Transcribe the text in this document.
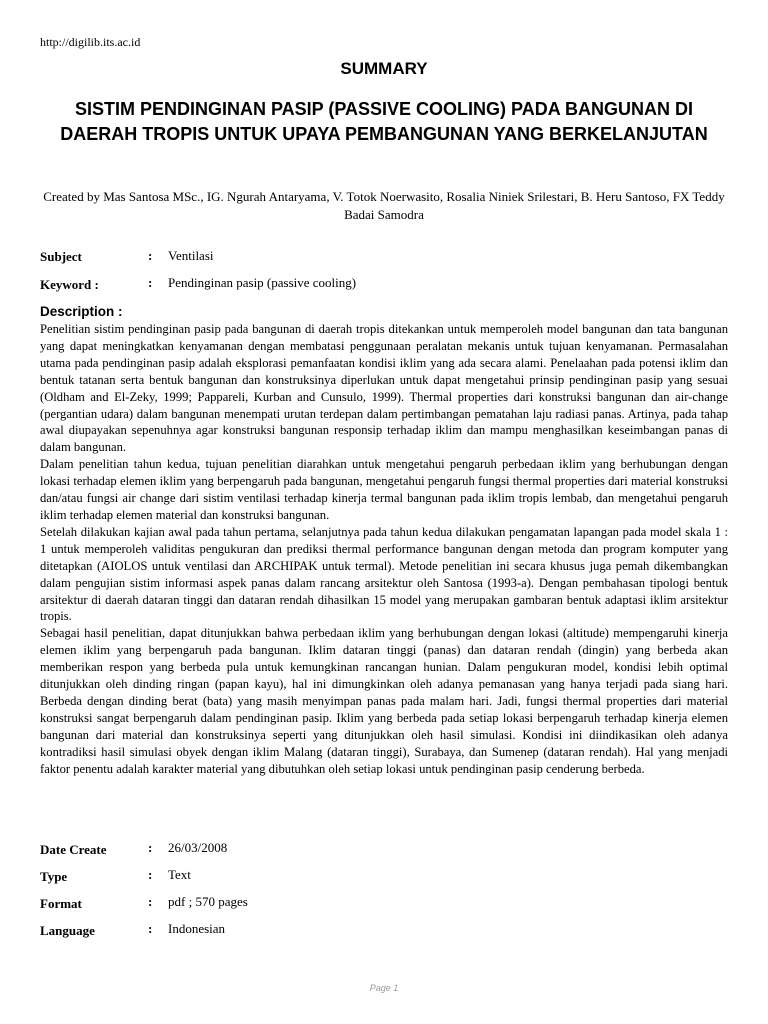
http://digilib.its.ac.id
SUMMARY
SISTIM PENDINGINAN PASIP (PASSIVE COOLING) PADA BANGUNAN DI DAERAH TROPIS UNTUK UPAYA PEMBANGUNAN YANG BERKELANJUTAN
Created by Mas Santosa MSc., IG. Ngurah Antaryama, V. Totok Noerwasito, Rosalia Niniek Srilestari, B. Heru Santoso, FX Teddy Badai Samodra
Subject	: Ventilasi
Keyword :	: Pendinginan pasip (passive cooling)
Description :

Penelitian sistim pendinginan pasip pada bangunan di daerah tropis ditekankan untuk memperoleh model bangunan dan tata bangunan yang dapat meningkatkan kenyamanan dengan membatasi penggunaan peralatan mekanis untuk tujuan kenyamanan. Permasalahan utama pada pendinginan pasip adalah eksplorasi pemanfaatan kondisi iklim yang ada secara alami. Penelaahan pada potensi iklim dan bentuk tatanan serta bentuk bangunan dan konstruksinya diperlukan untuk dapat mengetahui prinsip pendinginan pasip yang sesuai (Oldham and El-Zeky, 1999; Pappareli, Kurban and Cunsulo, 1999). Thermal properties dari konstruksi bangunan dan air-change (pergantian udara) dalam bangunan menempati urutan terdepan dalam pertimbangan pematahan laju radiasi panas. Artinya, pada tahap awal diupayakan sepenuhnya agar konstruksi bangunan responsip terhadap iklim dan mampu menghasilkan keseimbangan panas di dalam bangunan.

Dalam penelitian tahun kedua, tujuan penelitian diarahkan untuk mengetahui pengaruh perbedaan iklim yang berhubungan dengan lokasi terhadap elemen iklim yang berpengaruh pada bangunan, mengetahui pengaruh fungsi thermal properties dari material konstruksi dan/atau fungsi air change dari sistim ventilasi terhadap kinerja termal bangunan pada iklim tropis lembab, dan mengetahui pengaruh iklim terhadap elemen material dan konstruksi bangunan.

Setelah dilakukan kajian awal pada tahun pertama, selanjutnya pada tahun kedua dilakukan pengamatan lapangan pada model skala 1 : 1 untuk memperoleh validitas pengukuran dan prediksi thermal performance bangunan dengan metoda dan program komputer yang ditetapkan (AIOLOS untuk ventilasi dan ARCHIPAK untuk termal). Metode penelitian ini secara khusus juga pemah dikembangkan dalam pengujian sistim informasi aspek panas dalam rancang arsitektur oleh Santosa (1993-a). Dengan pembahasan tipologi bentuk arsitektur di daerah dataran tinggi dan dataran rendah dihasilkan 15 model yang merupakan gambaran bentuk adaptasi iklim arsitektur tropis.

Sebagai hasil penelitian, dapat ditunjukkan bahwa perbedaan iklim yang berhubungan dengan lokasi (altitude) mempengaruhi kinerja elemen iklim yang berpengaruh pada bangunan. Iklim dataran tinggi (panas) dan dataran rendah (dingin) yang berbeda akan memberikan respon yang berbeda pula untuk kemungkinan rancangan hunian. Dalam pengukuran model, kondisi lebih optimal ditunjukkan oleh dinding ringan (papan kayu), hal ini dimungkinkan oleh adanya pemanasan yang hanya terjadi pada siang hari. Berbeda dengan dinding berat (bata) yang masih menyimpan panas pada malam hari. Jadi, fungsi thermal properties dari material konstruksi sangat berpengaruh dalam pendinginan pasip. Iklim yang berbeda pada setiap lokasi berpengaruh terhadap kinerja elemen bangunan dari material dan konstruksinya seperti yang ditunjukkan oleh hasil simulasi. Kondisi ini diindikasikan oleh adanya kontradiksi hasil simulasi obyek dengan iklim Malang (dataran tinggi), Surabaya, dan Sumenep (dataran rendah). Hal yang menjadi faktor penentu adalah karakter material yang dibutuhkan oleh setiap lokasi untuk pendinginan pasip cenderung berbeda.

Date Create	: 26/03/2008
Type	: Text
Format	: pdf ; 570 pages
Language	: Indonesian
Page 1
